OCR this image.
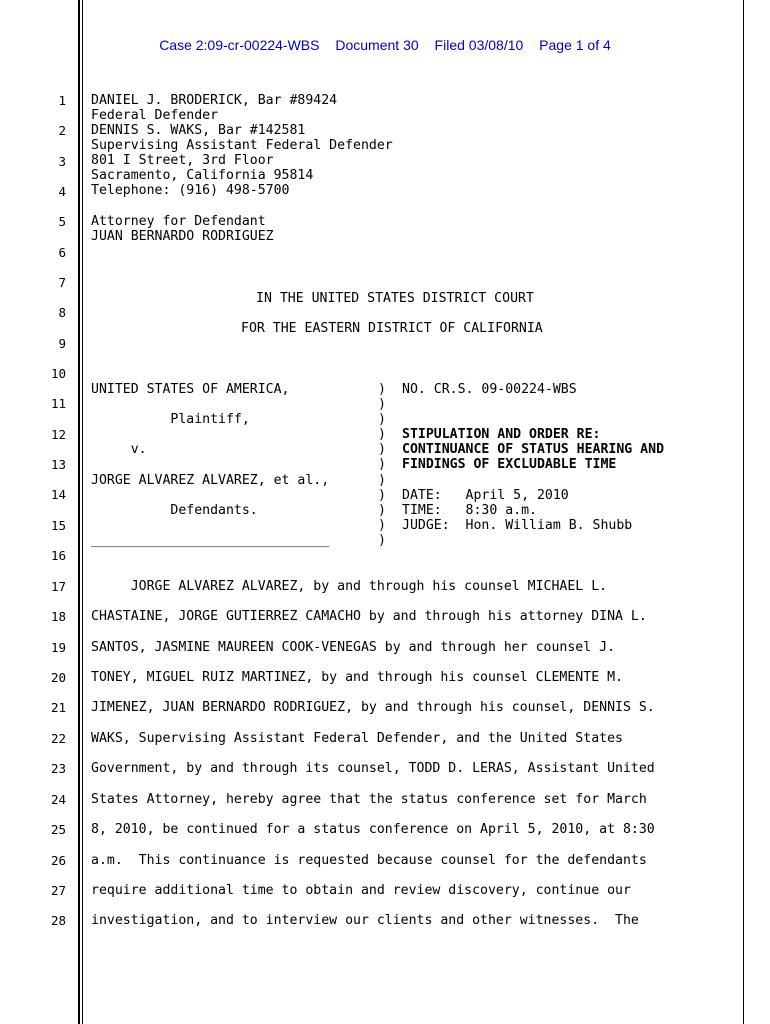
Case 2:09-cr-00224-WBS Document 30 Filed 03/08/10 Page 1 of 4
1
2
3
4
5
6
7
8
9
10
11
12
13
14
15
16
17
18
19
20
21
22
23
24
25
26
27
28
DANIEL J. BRODERICK, Bar #89424
Federal Defender
DENNIS S. WAKS, Bar #142581
Supervising Assistant Federal Defender
801 I Street, 3rd Floor
Sacramento, California 95814
Telephone: (916) 498-5700
Attorney for Defendant
JUAN BERNARDO RODRIGUEZ
IN THE UNITED STATES DISTRICT COURT
FOR THE EASTERN DISTRICT OF CALIFORNIA
UNITED STATES OF AMERICA,
Plaintiff,
v.
JORGE ALVAREZ ALVAREZ, et al.,
Defendants.
______________________________
)
)
)
)
)
)
)
)
)
)
)
NO. CR.S. 09-00224-WBS
STIPULATION AND ORDER RE:
CONTINUANCE OF STATUS HEARING AND
FINDINGS OF EXCLUDABLE TIME
DATE:   April 5, 2010
TIME:   8:30 a.m.
JUDGE:  Hon. William B. Shubb
JORGE ALVAREZ ALVAREZ, by and through his counsel MICHAEL L.
CHASTAINE, JORGE GUTIERREZ CAMACHO by and through his attorney DINA L.
SANTOS, JASMINE MAUREEN COOK-VENEGAS by and through her counsel J.
TONEY, MIGUEL RUIZ MARTINEZ, by and through his counsel CLEMENTE M.
JIMENEZ, JUAN BERNARDO RODRIGUEZ, by and through his counsel, DENNIS S.
WAKS, Supervising Assistant Federal Defender, and the United States
Government, by and through its counsel, TODD D. LERAS, Assistant United
States Attorney, hereby agree that the status conference set for March
8, 2010, be continued for a status conference on April 5, 2010, at 8:30
a.m.  This continuance is requested because counsel for the defendants
require additional time to obtain and review discovery, continue our
investigation, and to interview our clients and other witnesses.  The
